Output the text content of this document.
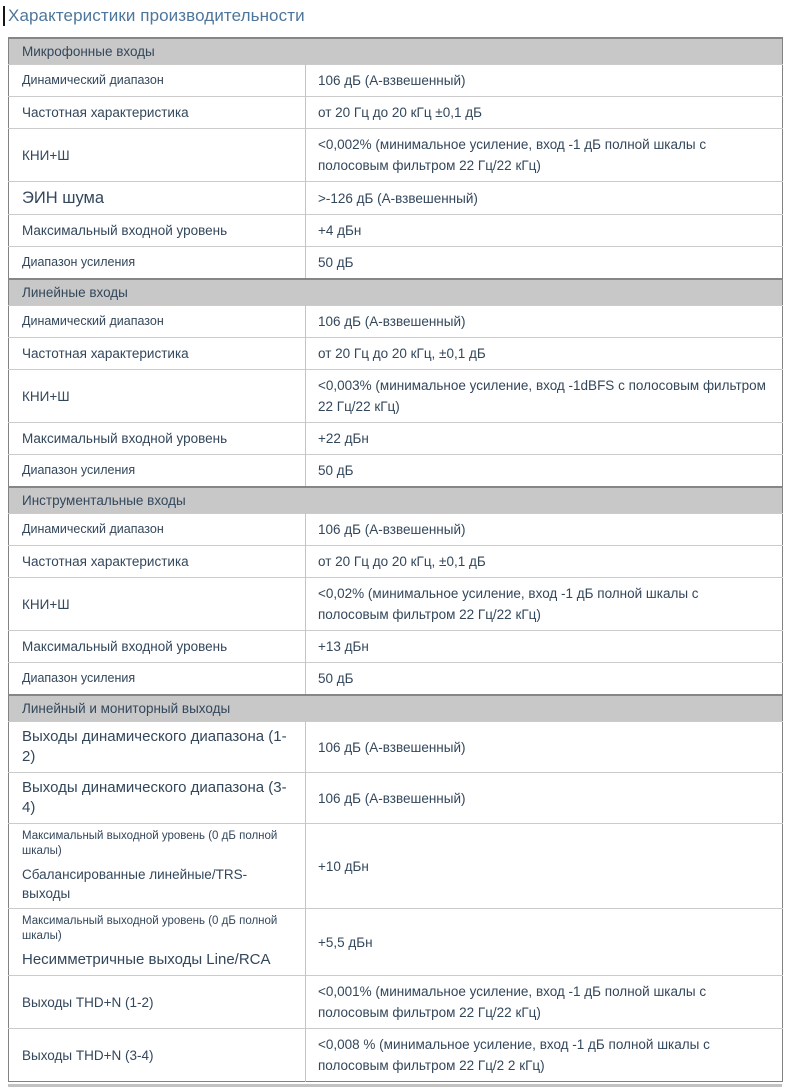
Характеристики производительности
Микрофонные входы	

Динамический диапазон	106 дБ (А-взвешенный)

Частотная характеристика	от 20 Гц до 20 кГц ±0,1 дБ

КНИ+Ш	<0,002% (минимальное усиление, вход -1 дБ полной шкалы с полосовым фильтром 22 Гц/22 кГц)

ЭИН шума	>-126 дБ (А-взвешенный)

Максимальный входной уровень	+4 дБн

Диапазон усиления	50 дБ
Линейные входы	

Динамический диапазон	106 дБ (А-взвешенный)

Частотная характеристика	от 20 Гц до 20 кГц, ±0,1 дБ

КНИ+Ш	<0,003% (минимальное усиление, вход -1dBFS с полосовым фильтром 22 Гц/22 кГц)

Максимальный входной уровень	+22 дБн

Диапазон усиления	50 дБ
Инструментальные входы	

Динамический диапазон	106 дБ (А-взвешенный)

Частотная характеристика	от 20 Гц до 20 кГц, ±0,1 дБ

КНИ+Ш	<0,02% (минимальное усиление, вход -1 дБ полной шкалы с полосовым фильтром 22 Гц/22 кГц)

Максимальный входной уровень	+13 дБн

Диапазон усиления	50 дБ
Линейный и мониторный выходы	

Выходы динамического диапазона (1-2)	106 дБ (А-взвешенный)

Выходы динамического диапазона (3-4)	106 дБ (А-взвешенный)

Максимальный выходной уровень (0 дБ полной шкалы)
Сбалансированные линейные/TRS-выходы	+10 дБн

Максимальный выходной уровень (0 дБ полной шкалы)
Несимметричные выходы Line/RCA	+5,5 дБн

Выходы THD+N (1-2)	<0,001% (минимальное усиление, вход -1 дБ полной шкалы с полосовым фильтром 22 Гц/22 кГц)

Выходы THD+N (3-4)	<0,008 % (минимальное усиление, вход -1 дБ полной шкалы с полосовым фильтром 22 Гц/2 2 кГц)
